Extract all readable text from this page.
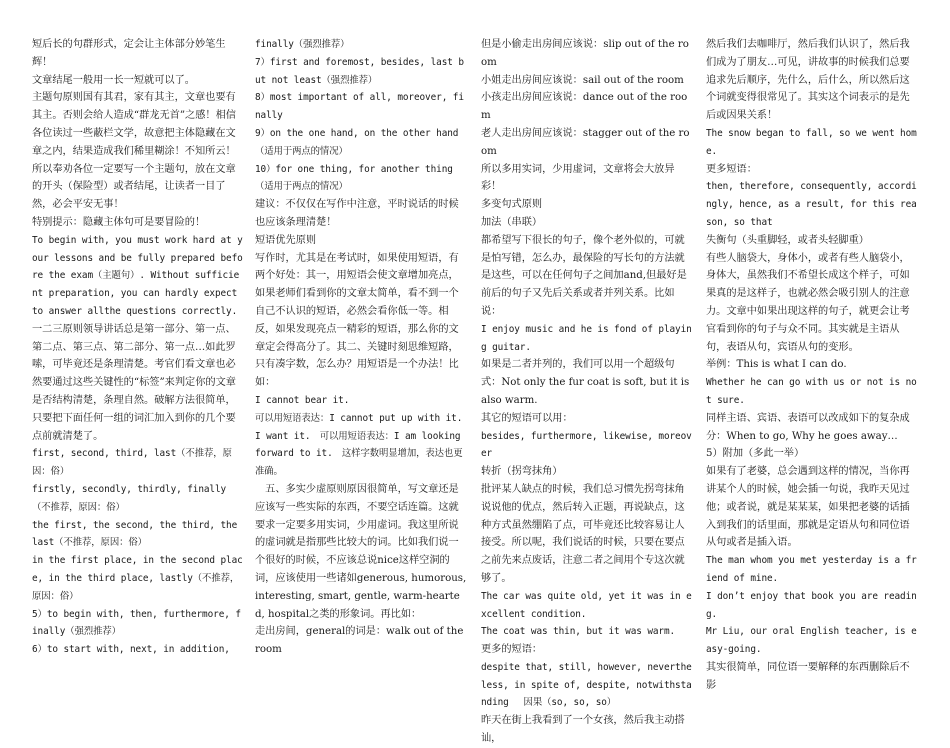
短后长的句群形式，定会让主体部分妙笔生辉！

文章结尾一般用一长一短就可以了。

主题句原则国有其君，家有其主，文章也要有其主。否则会给人造成“群龙无首”之感！相信各位读过一些蔽栏文学，故意把主体隐藏在文章之内，结果造成我们稀里糊涂！不知所云！所以奉劝各位一定要写一个主题句，放在文章的开头（保险型）或者结尾，让读者一目了然，必会平安无事！

特别提示：隐藏主体句可是要冒险的！

To begin with, you must work hard at your lessons and be fully prepared before the exam（主题句）. Without sufficient preparation, you can hardly expect to answer allthe questions correctly.

一二三原则领导讲话总是第一部分、第一点、第二点、第三点、第二部分、第一点…如此罗嗦，可毕竟还是条理清楚。考官们看文章也必然要通过这些关键性的“标签”来判定你的文章是否结构清楚，条理自然。破解方法很简单，只要把下面任何一组的词汇加入到你的几个要点前就清楚了。

first, second, third, last（不推荐，原因：俗）

firstly, secondly, thirdly, finally（不推荐，原因：俗）

the first, the second, the third, the last（不推荐，原因：俗）

in the first place, in the second place, in the third place, lastly（不推荐，原因：俗）

5）to begin with, then, furthermore, finally（强烈推荐）

6）to start with, next, in addition,

finally（强烈推荐）

7）first and foremost, besides, last but not least（强烈推荐）

8）most important of all, moreover, finally

9）on the one hand, on the other hand（适用于两点的情况）

10）for one thing, for another thing（适用于两点的情况）

建议：不仅仅在写作中注意，平时说话的时候也应该条理清楚！

短语优先原则

写作时，尤其是在考试时，如果使用短语，有两个好处：其一，用短语会使文章增加亮点，如果老师们看到你的文章太简单，看不到一个自己不认识的短语，必然会看你低一等。相反，如果发现亮点一精彩的短语，那么你的文章定会得高分了。其二、关键时刻思维短路，只有凑字数，怎么办？用短语是一个办法！比如：

I cannot bear it.

可以用短语表达：I cannot put up with it.

I want it.　可以用短语表达：I am looking forward to it.　这样字数明显增加，表达也更准确。

　五、多实少虚原则原因很简单，写文章还是应该写一些实际的东西，不要空话连篇。这就要求一定要多用实词，少用虚词。我这里所说的虚词就是指那些比较大的词。比如我们说一个很好的时候，不应该总说nice这样空洞的词，应该使用一些诸如generous, humorous, interesting, smart, gentle, warm-hearted, hospital之类的形象词。再比如：

走出房间，general的词是：walk out of the room

但是小偷走出房间应该说：slip out of the room

小姐走出房间应该说：sail out of the room

小孩走出房间应该说：dance out of the room

老人走出房间应该说：stagger out of the room

所以多用实词，少用虚词，文章将会大放异彩！

多变句式原则

加法（串联）

都希望写下很长的句子，像个老外似的，可就是怕写错，怎么办，最保险的写长句的方法就是这些，可以在任何句子之间加and,但最好是前后的句子又先后关系或者并列关系。比如说：

I enjoy music and he is fond of playing guitar.

如果是二者并列的，我们可以用一个超级句式：Not only the fur coat is soft, but it is also warm.

其它的短语可以用：

besides, furthermore, likewise, moreover

转折（拐弯抹角）

批评某人缺点的时候，我们总习惯先拐弯抹角说说他的优点，然后转入正题，再说缺点，这种方式虽然绷陷了点，可毕竟还比较容易让人接受。所以呢，我们说话的时候，只要在要点之前先来点废话，注意二者之间用个专这次就够了。

The car was quite old, yet it was in excellent condition.

The coat was thin, but it was warm.

更多的短语：

despite that, still, however, nevertheless, in spite of, despite, notwithstanding　 因果（so, so, so）

昨天在街上我看到了一个女孩，然后我主动搭讪，

然后我们去咖啡厅，然后我们认识了，然后我们成为了朋友…可见，讲故事的时候我们总要追求先后顺序，先什么，后什么，所以然后这个词就变得很常见了。其实这个词表示的是先后或因果关系！

The snow began to fall, so we went home.

更多短语：

then, therefore, consequently, accordingly, hence, as a result, for this reason, so that

失衡句（头重脚轻，或者头轻脚重）

有些人脑袋大，身体小，或者有些人脑袋小，身体大，虽然我们不希望长成这个样子，可如果真的是这样子，也就必然会吸引别人的注意力。文章中如果出现这样的句子，就更会让考官看到你的句子与众不同。其实就是主语从句，表语从句，宾语从句的变形。

举例：This is what I can do.

Whether he can go with us or not is not sure.

同样主语、宾语、表语可以改成如下的复杂成分：When to go, Why he goes away…

5）附加（多此一举）

如果有了老婆，总会遇到这样的情况，当你再讲某个人的时候，她会插一句说，我昨天见过他；或者说，就是某某某，如果把老婆的话插入到我们的话里面，那就是定语从句和同位语从句或者是插入语。

The man whom you met yesterday is a friend of mine.

I don’t enjoy that book you are reading.

Mr Liu, our oral English teacher, is easy-going.

其实很简单，同位语一要解释的东西删除后不影
